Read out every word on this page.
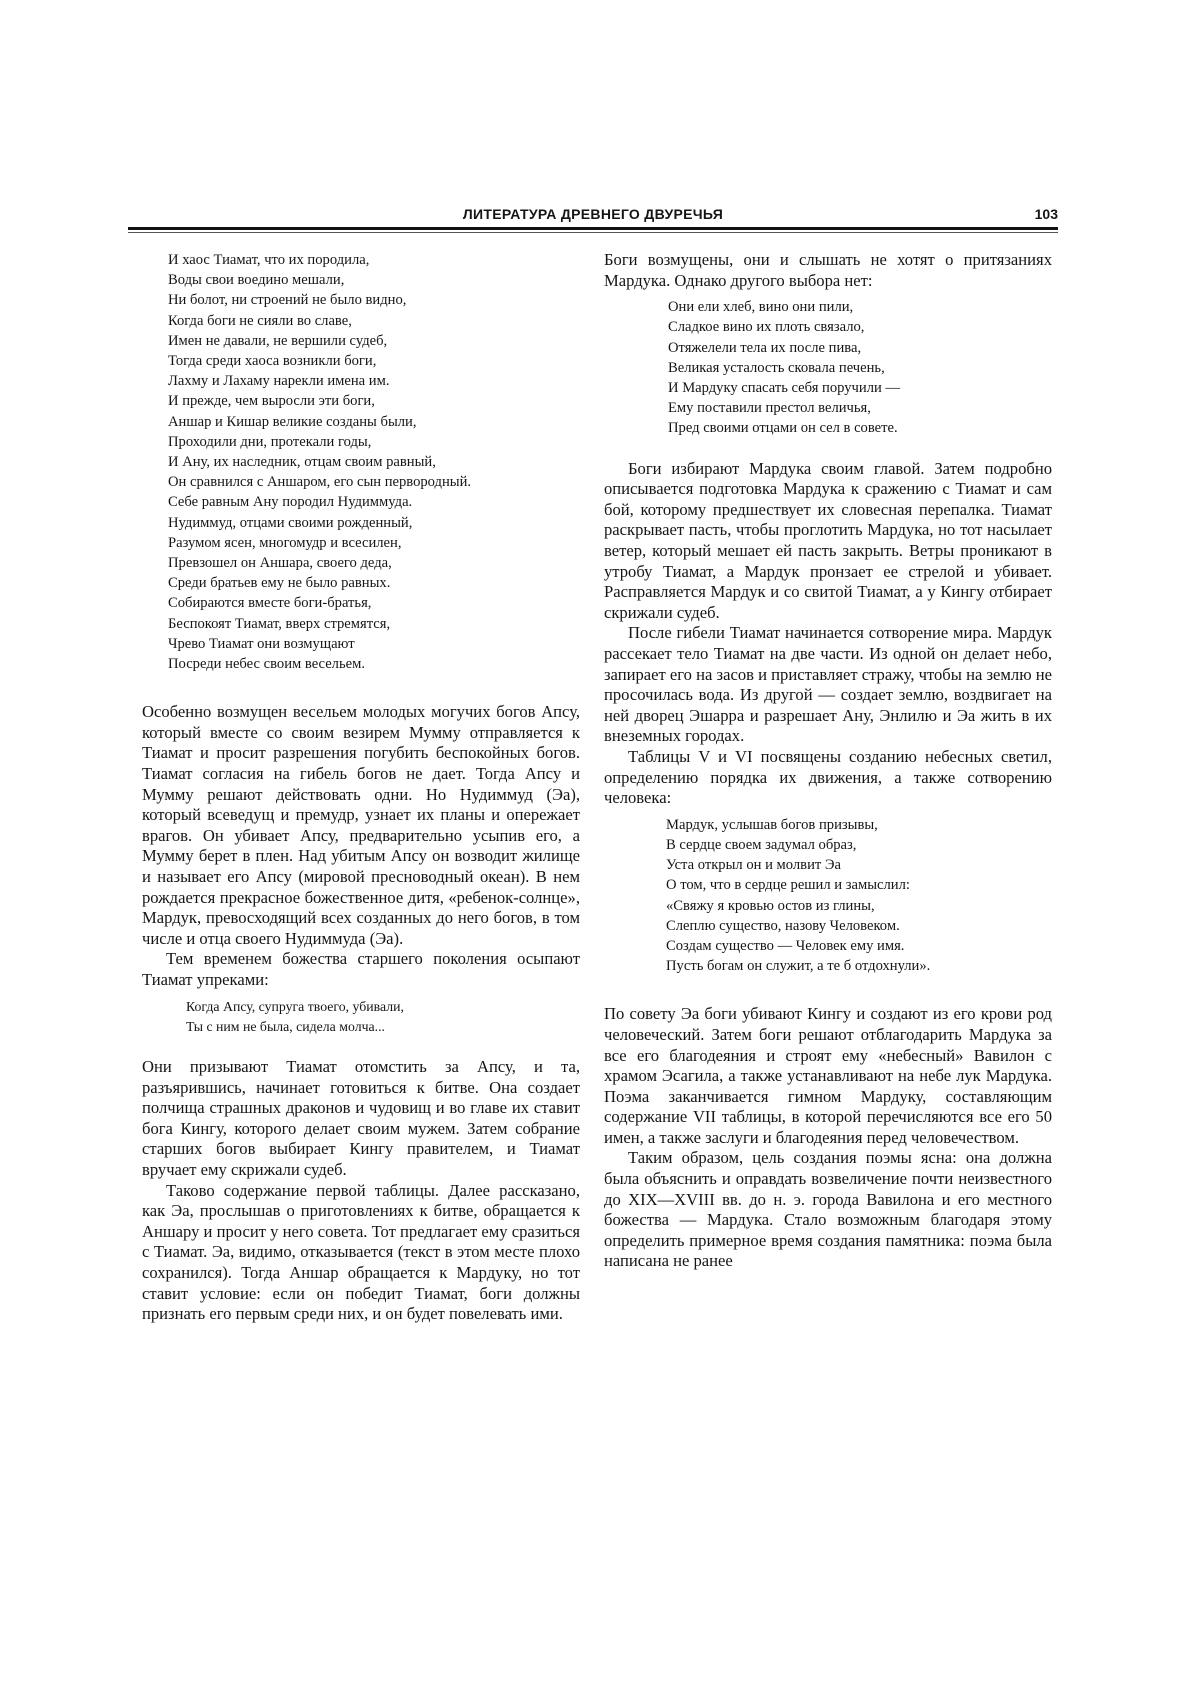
ЛИТЕРАТУРА ДРЕВНЕГО ДВУРЕЧЬЯ	103
И хаос Тиамат, что их породила,
Воды свои воедино мешали,
Ни болот, ни строений не было видно,
Когда боги не сияли во славе,
Имен не давали, не вершили судеб,
Тогда среди хаоса возникли боги,
Лахму и Лахаму нарекли имена им.
И прежде, чем выросли эти боги,
Аншар и Кишар великие созданы были,
Проходили дни, протекали годы,
И Ану, их наследник, отцам своим равный,
Он сравнился с Аншаром, его сын первородный.
Себе равным Ану породил Нудиммуда.
Нудиммуд, отцами своими рожденный,
Разумом ясен, многомудр и всесилен,
Превзошел он Аншара, своего деда,
Среди братьев ему не было равных.
Собираются вместе боги-братья,
Беспокоят Тиамат, вверх стремятся,
Чрево Тиамат они возмущают
Посреди небес своим весельем.

Особенно возмущен весельем молодых могучих богов Апсу, который вместе со своим везирем Мумму отправляется к Тиамат и просит разрешения погубить беспокойных богов. Тиамат согласия на гибель богов не дает. Тогда Апсу и Мумму решают действовать одни. Но Нудиммуд (Эа), который всеведущ и премудр, узнает их планы и опережает врагов. Он убивает Апсу, предварительно усыпив его, а Мумму берет в плен. Над убитым Апсу он возводит жилище и называет его Апсу (мировой пресноводный океан). В нем рождается прекрасное божественное дитя, «ребенок-солнце», Мардук, превосходящий всех созданных до него богов, в том числе и отца своего Нудиммуда (Эа).

Тем временем божества старшего поколения осыпают Тиамат упреками:

Когда Апсу, супруга твоего, убивали,
Ты с ним не была, сидела молча...

Они призывают Тиамат отомстить за Апсу, и та, разъярившись, начинает готовиться к битве. Она создает полчища страшных драконов и чудовищ и во главе их ставит бога Кингу, которого делает своим мужем. Затем собрание старших богов выбирает Кингу правителем, и Тиамат вручает ему скрижали судеб.

Таково содержание первой таблицы. Далее рассказано, как Эа, прослышав о приготовлениях к битве, обращается к Аншару и просит у него совета. Тот предлагает ему сразиться с Тиамат. Эа, видимо, отказывается (текст в этом месте плохо сохранился). Тогда Аншар обращается к Мардуку, но тот ставит условие: если он победит Тиамат, боги должны признать его первым среди них, и он будет повелевать ими.

Боги возмущены, они и слышать не хотят о притязаниях Мардука. Однако другого выбора нет:

Они ели хлеб, вино они пили,
Сладкое вино их плоть связало,
Отяжелели тела их после пива,
Великая усталость сковала печень,
И Мардуку спасать себя поручили —
Ему поставили престол величья,
Пред своими отцами он сел в совете.

Боги избирают Мардука своим главой. Затем подробно описывается подготовка Мардука к сражению с Тиамат и сам бой, которому предшествует их словесная перепалка. Тиамат раскрывает пасть, чтобы проглотить Мардука, но тот насылает ветер, который мешает ей пасть закрыть. Ветры проникают в утробу Тиамат, а Мардук пронзает ее стрелой и убивает. Расправляется Мардук и со свитой Тиамат, а у Кингу отбирает скрижали судеб.

После гибели Тиамат начинается сотворение мира. Мардук рассекает тело Тиамат на две части. Из одной он делает небо, запирает его на засов и приставляет стражу, чтобы на землю не просочилась вода. Из другой — создает землю, воздвигает на ней дворец Эшарра и разрешает Ану, Энлилю и Эа жить в их внеземных городах.

Таблицы V и VI посвящены созданию небесных светил, определению порядка их движения, а также сотворению человека:

Мардук, услышав богов призывы,
В сердце своем задумал образ,
Уста открыл он и молвит Эа
О том, что в сердце решил и замыслил:
«Свяжу я кровью остов из глины,
Слеплю существо, назову Человеком.
Создам существо — Человек ему имя.
Пусть богам он служит, а те б отдохнули».

По совету Эа боги убивают Кингу и создают из его крови род человеческий. Затем боги решают отблагодарить Мардука за все его благодеяния и строят ему «небесный» Вавилон с храмом Эсагила, а также устанавливают на небе лук Мардука. Поэма заканчивается гимном Мардуку, составляющим содержание VII таблицы, в которой перечисляются все его 50 имен, а также заслуги и благодеяния перед человечеством.

Таким образом, цель создания поэмы ясна: она должна была объяснить и оправдать возвеличение почти неизвестного до XIX—XVIII вв. до н. э. города Вавилона и его местного божества — Мардука. Стало возможным благодаря этому определить примерное время создания памятника: поэма была написана не ранее
